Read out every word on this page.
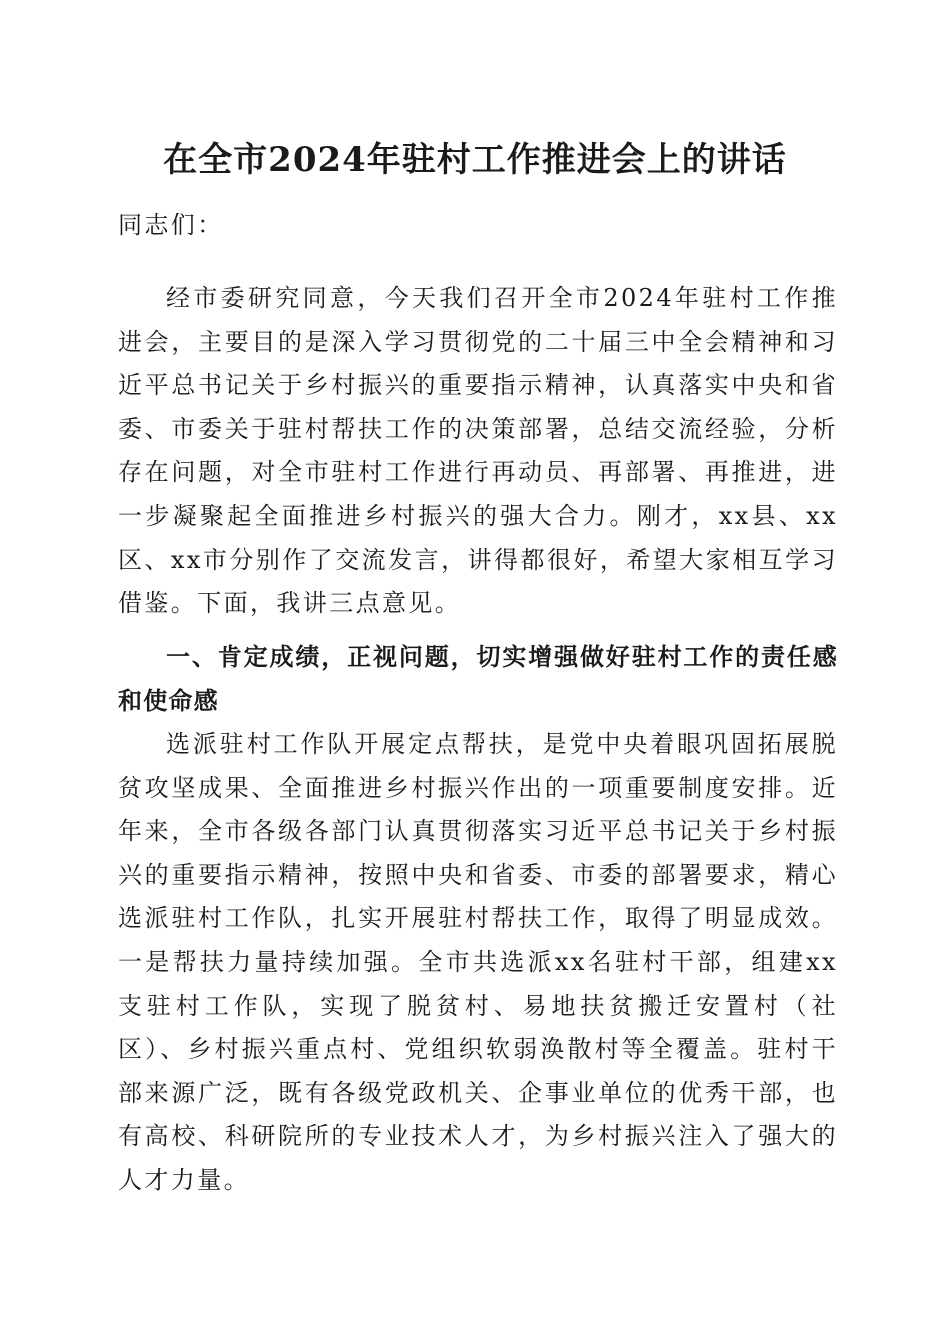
在全市2024年驻村工作推进会上的讲话

同志们：

经市委研究同意，今天我们召开全市2024年驻村工作推进会，主要目的是深入学习贯彻党的二十届三中全会精神和习近平总书记关于乡村振兴的重要指示精神，认真落实中央和省委、市委关于驻村帮扶工作的决策部署，总结交流经验，分析存在问题，对全市驻村工作进行再动员、再部署、再推进，进一步凝聚起全面推进乡村振兴的强大合力。刚才，xx县、xx区、xx市分别作了交流发言，讲得都很好，希望大家相互学习借鉴。下面，我讲三点意见。

一、肯定成绩，正视问题，切实增强做好驻村工作的责任感和使命感

选派驻村工作队开展定点帮扶，是党中央着眼巩固拓展脱贫攻坚成果、全面推进乡村振兴作出的一项重要制度安排。近年来，全市各级各部门认真贯彻落实习近平总书记关于乡村振兴的重要指示精神，按照中央和省委、市委的部署要求，精心选派驻村工作队，扎实开展驻村帮扶工作，取得了明显成效。一是帮扶力量持续加强。全市共选派xx名驻村干部，组建xx支驻村工作队，实现了脱贫村、易地扶贫搬迁安置村（社区）、乡村振兴重点村、党组织软弱涣散村等全覆盖。驻村干部来源广泛，既有各级党政机关、企事业单位的优秀干部，也有高校、科研院所的专业技术人才，为乡村振兴注入了强大的人才力量。
